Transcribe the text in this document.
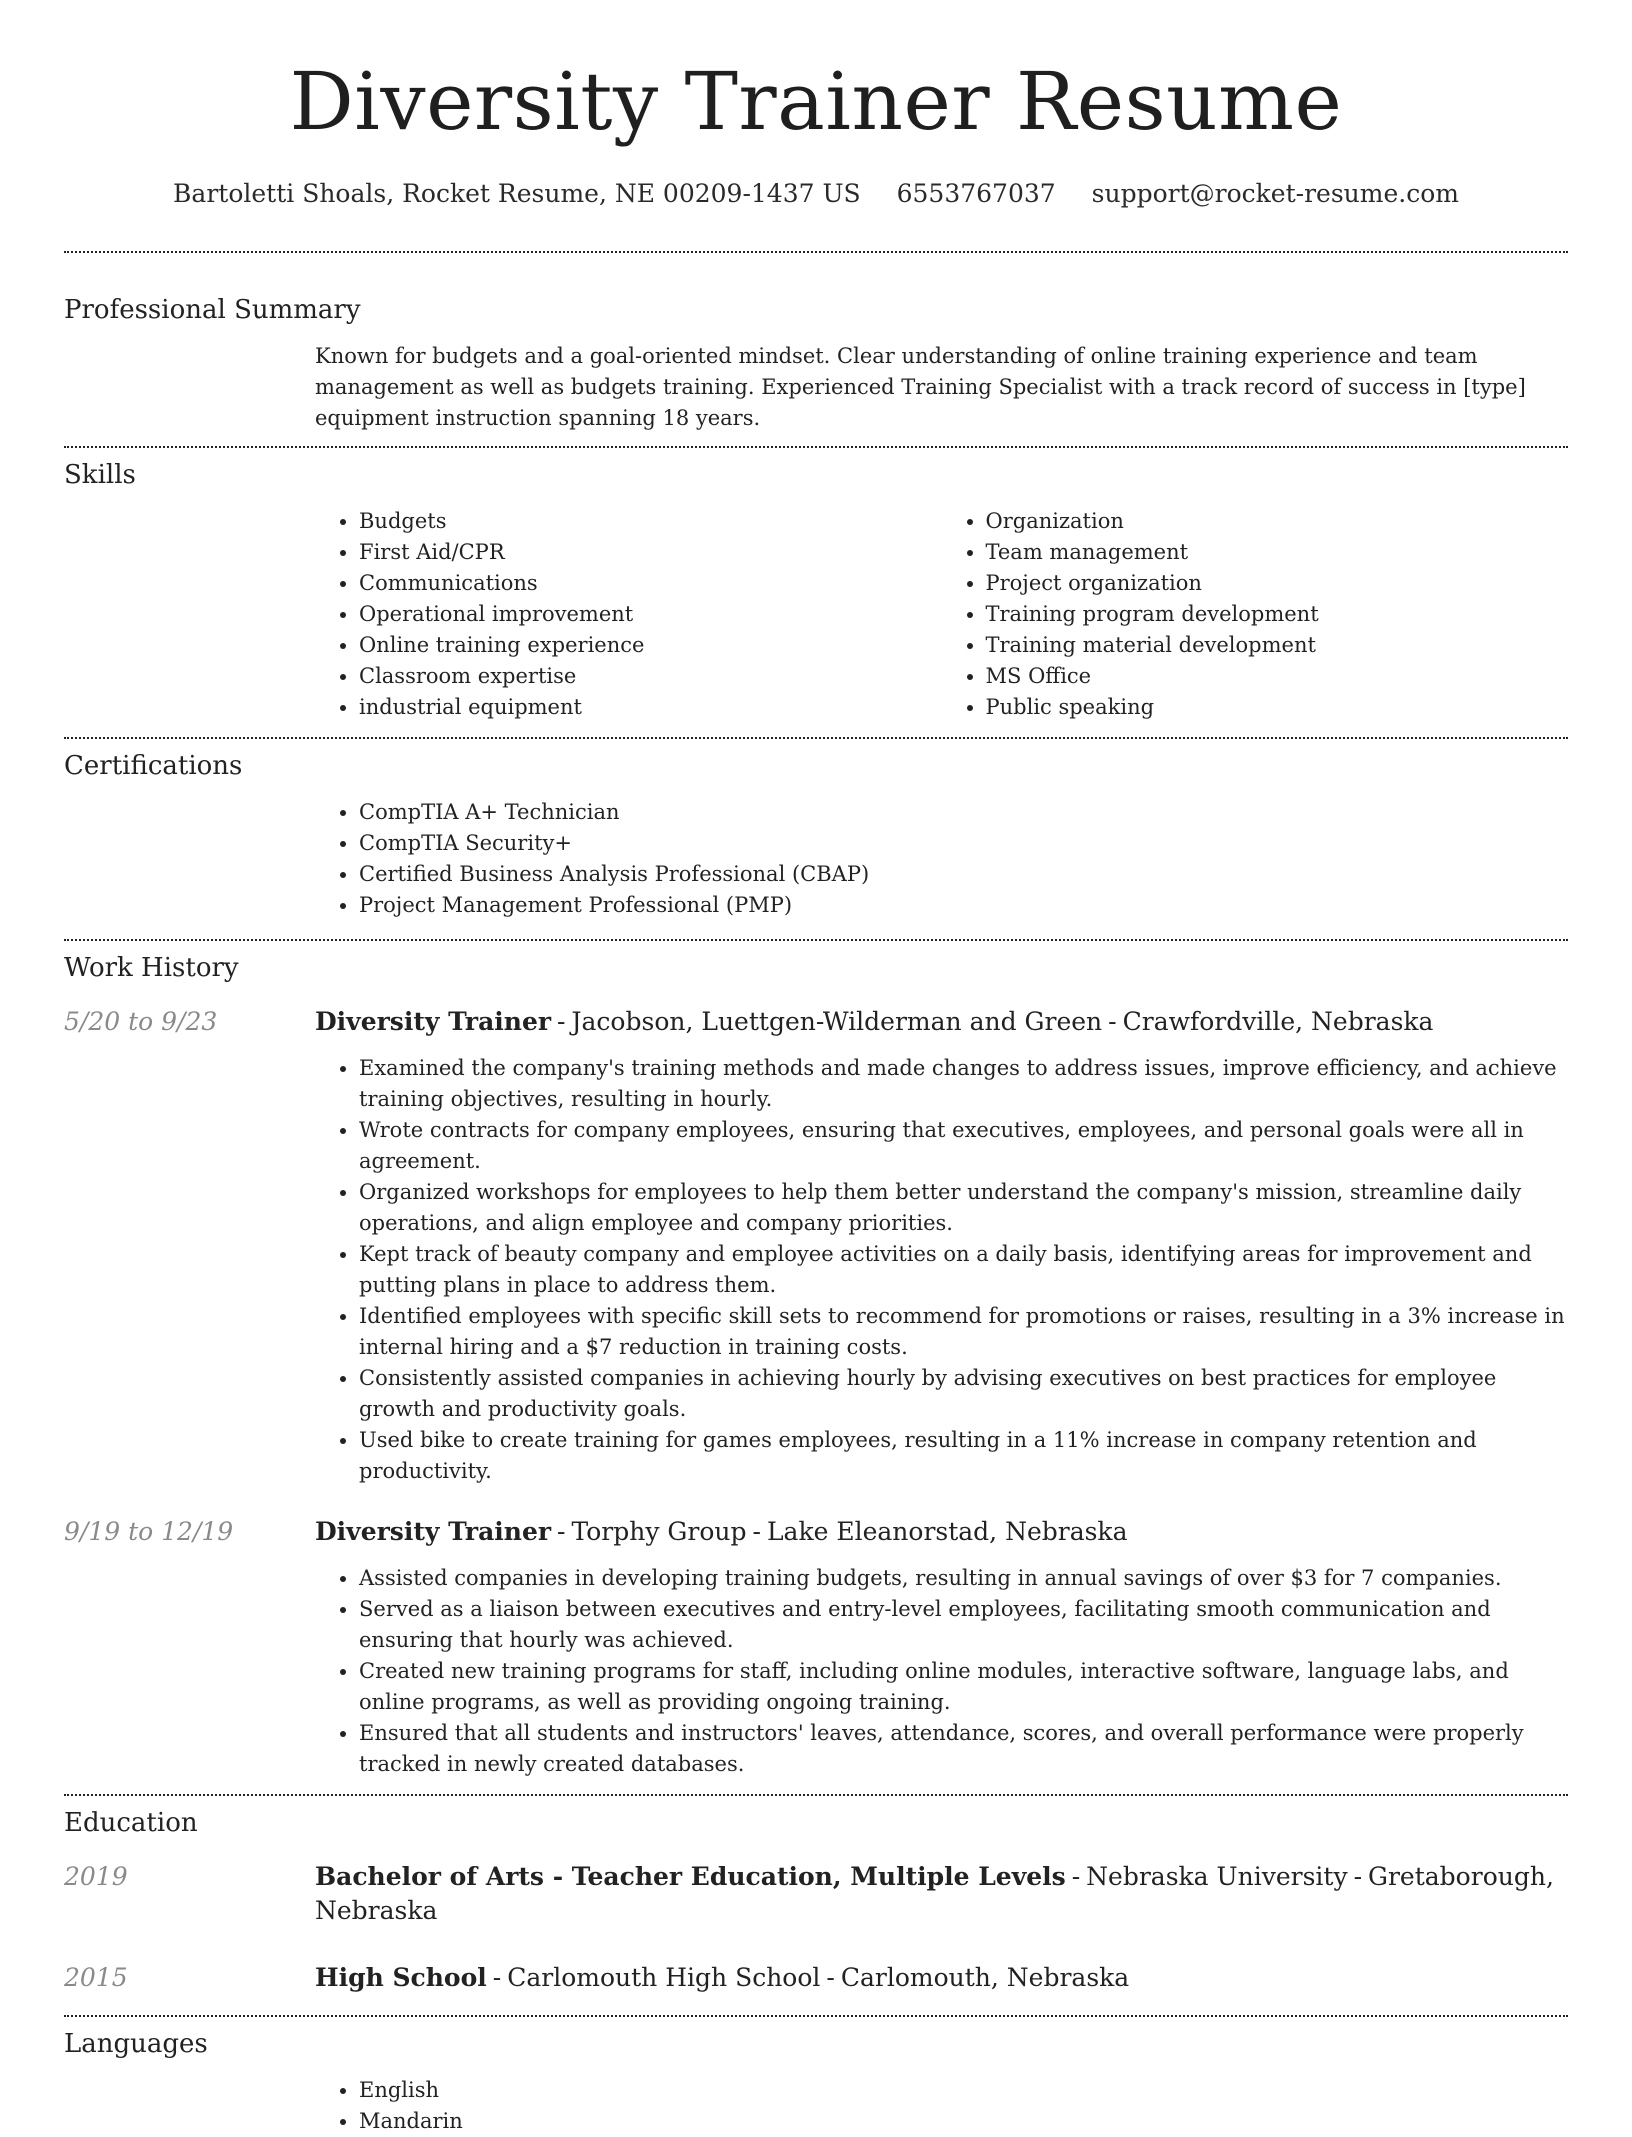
Diversity Trainer Resume
Bartoletti Shoals, Rocket Resume, NE 00209-1437 US 6553767037 support@rocket-resume.com
Professional Summary
Known for budgets and a goal-oriented mindset. Clear understanding of online training experience and team management as well as budgets training. Experienced Training Specialist with a track record of success in [type] equipment instruction spanning 18 years.
Skills
• Budgets
• First Aid/CPR
• Communications
• Operational improvement
• Online training experience
• Classroom expertise
• industrial equipment
• Organization
• Team management
• Project organization
• Training program development
• Training material development
• MS Office
• Public speaking
Certifications
• CompTIA A+ Technician
• CompTIA Security+
• Certified Business Analysis Professional (CBAP)
• Project Management Professional (PMP)
Work History
5/20 to 9/23	Diversity Trainer - Jacobson, Luettgen-Wilderman and Green - Crawfordville, Nebraska
• Examined the company's training methods and made changes to address issues, improve efficiency, and achieve training objectives, resulting in hourly.
• Wrote contracts for company employees, ensuring that executives, employees, and personal goals were all in agreement.
• Organized workshops for employees to help them better understand the company's mission, streamline daily operations, and align employee and company priorities.
• Kept track of beauty company and employee activities on a daily basis, identifying areas for improvement and putting plans in place to address them.
• Identified employees with specific skill sets to recommend for promotions or raises, resulting in a 3% increase in internal hiring and a $7 reduction in training costs.
• Consistently assisted companies in achieving hourly by advising executives on best practices for employee growth and productivity goals.
• Used bike to create training for games employees, resulting in a 11% increase in company retention and productivity.
9/19 to 12/19	Diversity Trainer - Torphy Group - Lake Eleanorstad, Nebraska
• Assisted companies in developing training budgets, resulting in annual savings of over $3 for 7 companies.
• Served as a liaison between executives and entry-level employees, facilitating smooth communication and ensuring that hourly was achieved.
• Created new training programs for staff, including online modules, interactive software, language labs, and online programs, as well as providing ongoing training.
• Ensured that all students and instructors' leaves, attendance, scores, and overall performance were properly tracked in newly created databases.
Education
2019	Bachelor of Arts - Teacher Education, Multiple Levels - Nebraska University - Gretaborough, Nebraska
2015	High School - Carlomouth High School - Carlomouth, Nebraska
Languages
• English
• Mandarin
